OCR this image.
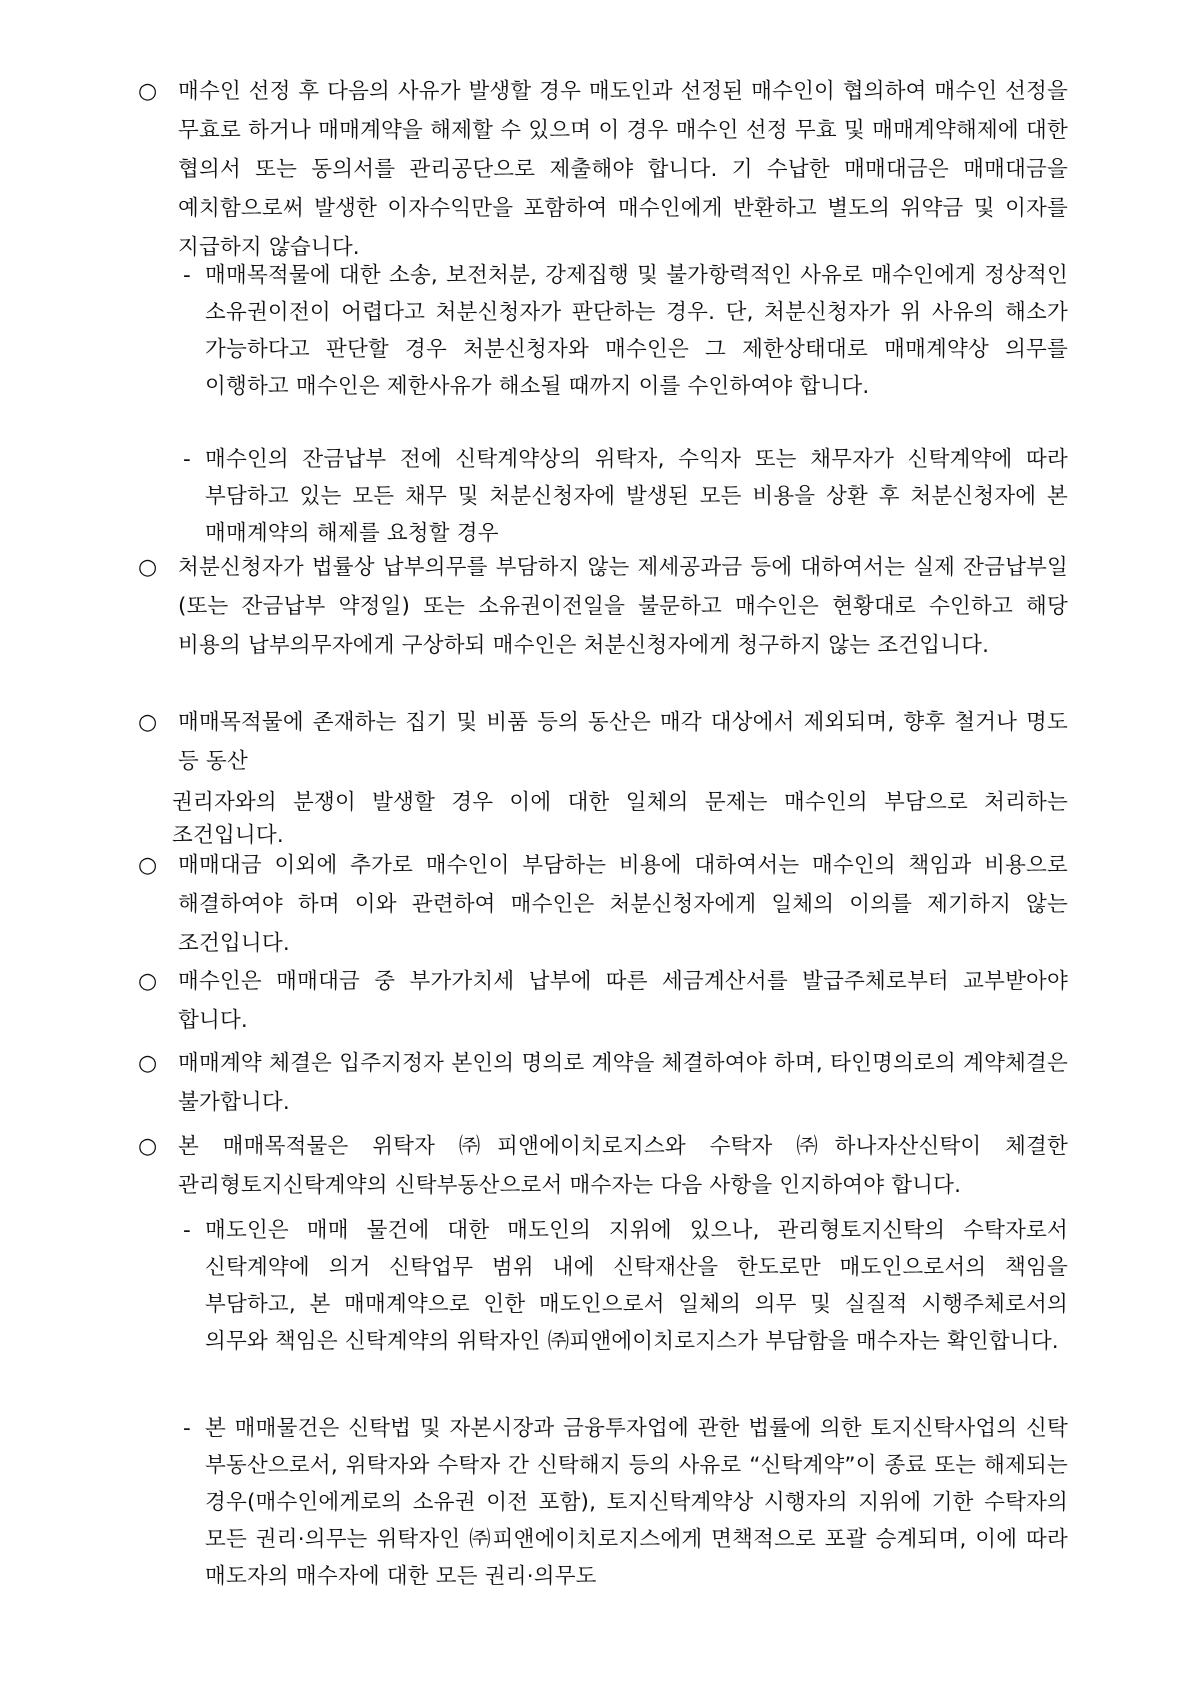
○ 매수인 선정 후 다음의 사유가 발생할 경우 매도인과 선정된 매수인이 협의하여 매수인 선정을 무효로 하거나 매매계약을 해제할 수 있으며 이 경우 매수인 선정 무효 및 매매계약해제에 대한 협의서 또는 동의서를 관리공단으로 제출해야 합니다. 기 수납한 매매대금은 매매대금을 예치함으로써 발생한 이자수익만을 포함하여 매수인에게 반환하고 별도의 위약금 및 이자를 지급하지 않습니다.
- 매매목적물에 대한 소송, 보전처분, 강제집행 및 불가항력적인 사유로 매수인에게 정상적인 소유권이전이 어렵다고 처분신청자가 판단하는 경우. 단, 처분신청자가 위 사유의 해소가 가능하다고 판단할 경우 처분신청자와 매수인은 그 제한상태대로 매매계약상 의무를 이행하고 매수인은 제한사유가 해소될 때까지 이를 수인하여야 합니다.
- 매수인의 잔금납부 전에 신탁계약상의 위탁자, 수익자 또는 채무자가 신탁계약에 따라 부담하고 있는 모든 채무 및 처분신청자에 발생된 모든 비용을 상환 후 처분신청자에 본 매매계약의 해제를 요청할 경우
○ 처분신청자가 법률상 납부의무를 부담하지 않는 제세공과금 등에 대하여서는 실제 잔금납부일(또는 잔금납부 약정일) 또는 소유권이전일을 불문하고 매수인은 현황대로 수인하고 해당 비용의 납부의무자에게 구상하되 매수인은 처분신청자에게 청구하지 않는 조건입니다.
○ 매매목적물에 존재하는 집기 및 비품 등의 동산은 매각 대상에서 제외되며, 향후 철거나 명도 등 동산
권리자와의 분쟁이 발생할 경우 이에 대한 일체의 문제는 매수인의 부담으로 처리하는 조건입니다.
○ 매매대금 이외에 추가로 매수인이 부담하는 비용에 대하여서는 매수인의 책임과 비용으로 해결하여야 하며 이와 관련하여 매수인은 처분신청자에게 일체의 이의를 제기하지 않는 조건입니다.
○ 매수인은 매매대금 중 부가가치세 납부에 따른 세금계산서를 발급주체로부터 교부받아야 합니다.
○ 매매계약 체결은 입주지정자 본인의 명의로 계약을 체결하여야 하며, 타인명의로의 계약체결은 불가합니다.
○ 본 매매목적물은 위탁자 ㈜피앤에이치로지스와 수탁자 ㈜하나자산신탁이 체결한 관리형토지신탁계약의 신탁부동산으로서 매수자는 다음 사항을 인지하여야 합니다.
- 매도인은 매매 물건에 대한 매도인의 지위에 있으나, 관리형토지신탁의 수탁자로서 신탁계약에 의거 신탁업무 범위 내에 신탁재산을 한도로만 매도인으로서의 책임을 부담하고, 본 매매계약으로 인한 매도인으로서 일체의 의무 및 실질적 시행주체로서의 의무와 책임은 신탁계약의 위탁자인 ㈜피앤에이치로지스가 부담함을 매수자는 확인합니다.
- 본 매매물건은 신탁법 및 자본시장과 금융투자업에 관한 법률에 의한 토지신탁사업의 신탁 부동산으로서, 위탁자와 수탁자 간 신탁해지 등의 사유로 “신탁계약”이 종료 또는 해제되는 경우(매수인에게로의 소유권 이전 포함), 토지신탁계약상 시행자의 지위에 기한 수탁자의 모든 권리·의무는 위탁자인 ㈜피앤에이치로지스에게 면책적으로 포괄 승계되며, 이에 따라 매도자의 매수자에 대한 모든 권리·의무도
